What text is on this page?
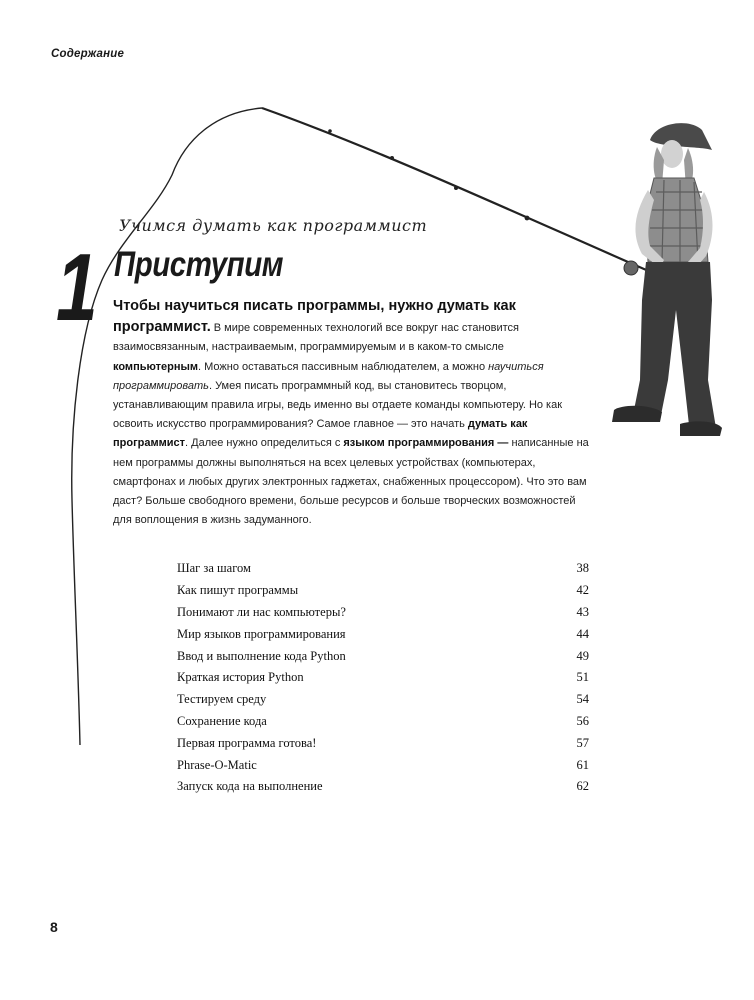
Содержание
Учимся думать как программист
1 Приступим
Чтобы научиться писать программы, нужно думать как программист. В мире современных технологий все вокруг нас становится взаимосвязанным, настраиваемым, программируемым и в каком-то смысле компьютерным. Можно оставаться пассивным наблюдателем, а можно научиться программировать. Умея писать программный код, вы становитесь творцом, устанавливающим правила игры, ведь именно вы отдаете команды компьютеру. Но как освоить искусство программирования? Самое главное — это начать думать как программист. Далее нужно определиться с языком программирования — написанные на нем программы должны выполняться на всех целевых устройствах (компьютерах, смартфонах и любых других электронных гаджетах, снабженных процессором). Что это вам даст? Больше свободного времени, больше ресурсов и больше творческих возможностей для воплощения в жизнь задуманного.
Шаг за шагом	38
Как пишут программы	42
Понимают ли нас компьютеры?	43
Мир языков программирования	44
Ввод и выполнение кода Python	49
Краткая история Python	51
Тестируем среду	54
Сохранение кода	56
Первая программа готова!	57
Phrase-O-Matic	61
Запуск кода на выполнение	62
8
